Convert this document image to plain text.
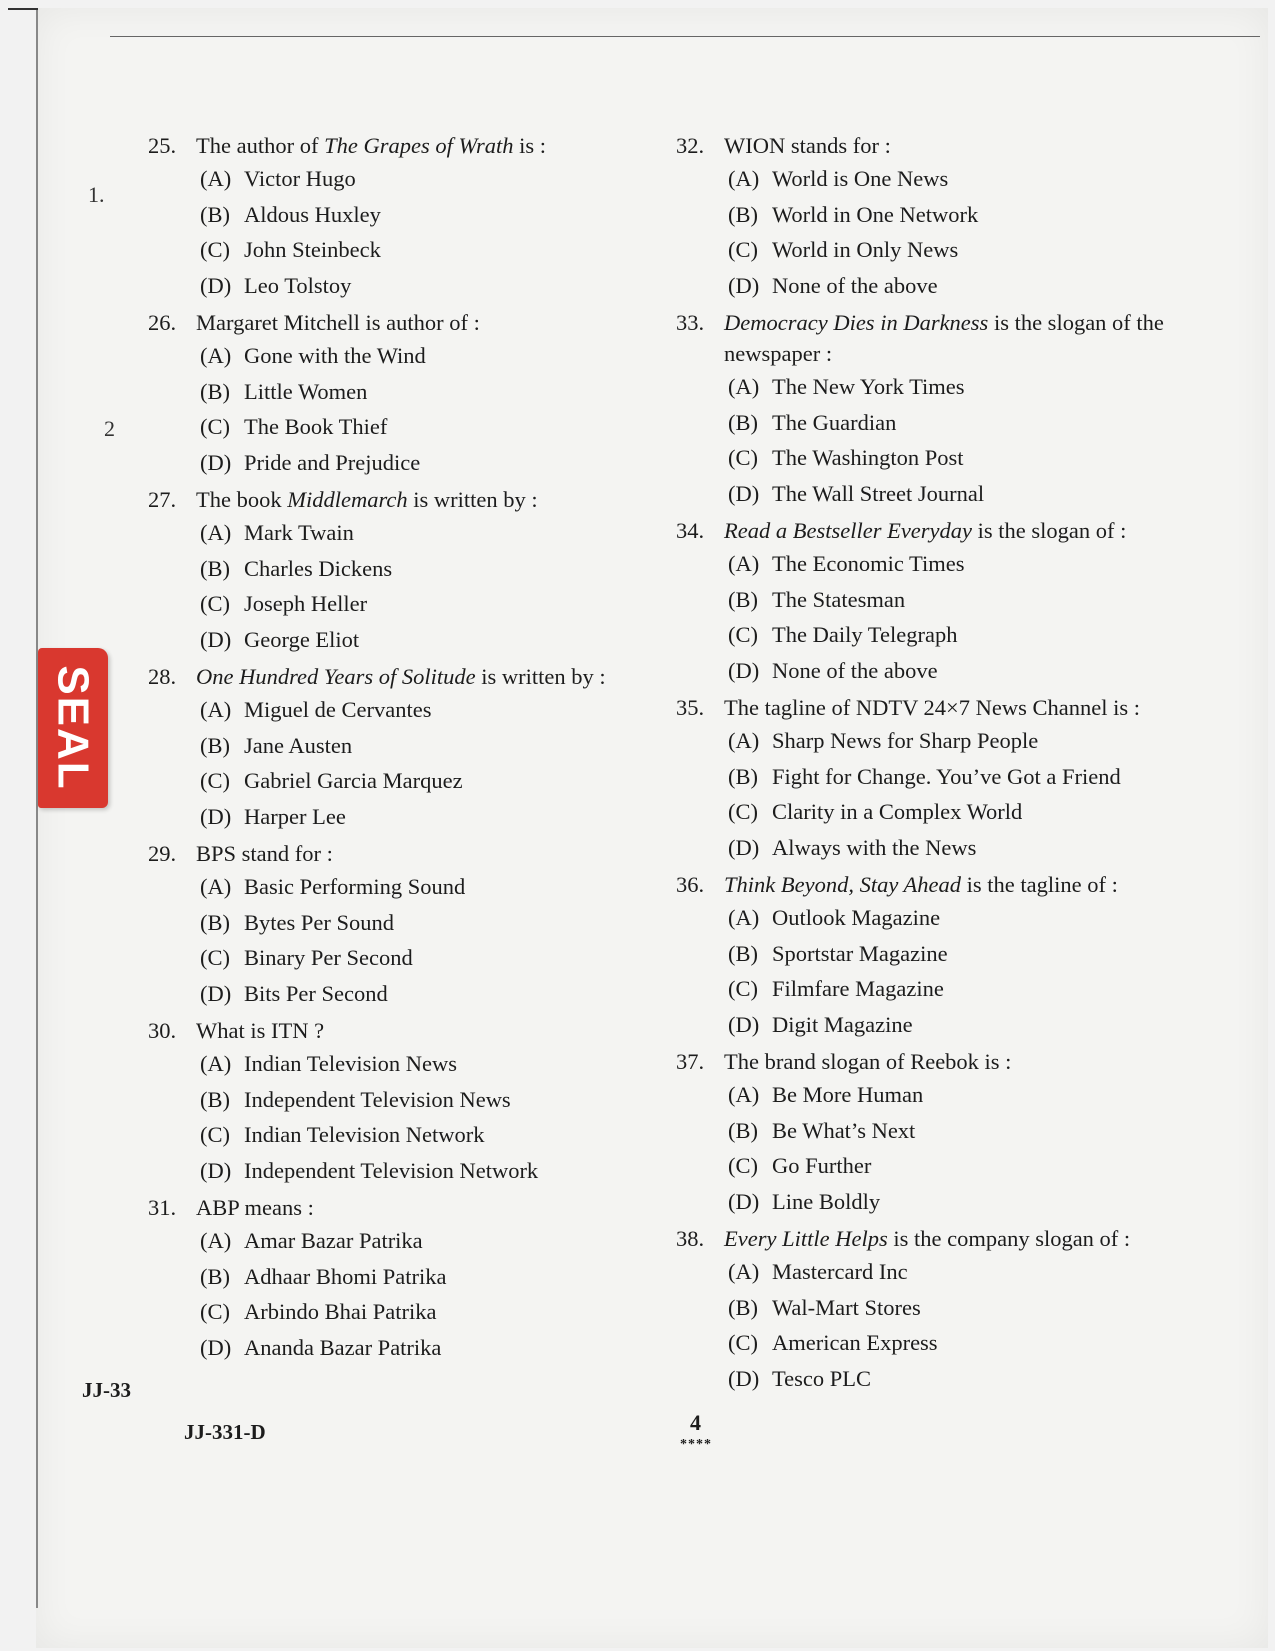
1.
2
SEAL

25. The author of The Grapes of Wrath is :

(A) Victor Hugo
(B) Aldous Huxley
(C) John Steinbeck
(D) Leo Tolstoy

26. Margaret Mitchell is author of :

(A) Gone with the Wind
(B) Little Women
(C) The Book Thief
(D) Pride and Prejudice

27. The book Middlemarch is written by :

(A) Mark Twain
(B) Charles Dickens
(C) Joseph Heller
(D) George Eliot

28. One Hundred Years of Solitude is written by :

(A) Miguel de Cervantes
(B) Jane Austen
(C) Gabriel Garcia Marquez
(D) Harper Lee

29. BPS stand for :

(A) Basic Performing Sound
(B) Bytes Per Sound
(C) Binary Per Second
(D) Bits Per Second

30. What is ITN ?

(A) Indian Television News
(B) Independent Television News
(C) Indian Television Network
(D) Independent Television Network

31. ABP means :

(A) Amar Bazar Patrika
(B) Adhaar Bhomi Patrika
(C) Arbindo Bhai Patrika
(D) Ananda Bazar Patrika

32. WION stands for :

(A) World is One News
(B) World in One Network
(C) World in Only News
(D) None of the above

33. Democracy Dies in Darkness is the slogan of the newspaper :

(A) The New York Times
(B) The Guardian
(C) The Washington Post
(D) The Wall Street Journal

34. Read a Bestseller Everyday is the slogan of :

(A) The Economic Times
(B) The Statesman
(C) The Daily Telegraph
(D) None of the above

35. The tagline of NDTV 24×7 News Channel is :

(A) Sharp News for Sharp People
(B) Fight for Change. You’ve Got a Friend
(C) Clarity in a Complex World
(D) Always with the News

36. Think Beyond, Stay Ahead is the tagline of :

(A) Outlook Magazine
(B) Sportstar Magazine
(C) Filmfare Magazine
(D) Digit Magazine

37. The brand slogan of Reebok is :

(A) Be More Human
(B) Be What’s Next
(C) Go Further
(D) Line Boldly

38. Every Little Helps is the company slogan of :

(A) Mastercard Inc
(B) Wal-Mart Stores
(C) American Express
(D) Tesco PLC
JJ-33
JJ-331-D	4
****
